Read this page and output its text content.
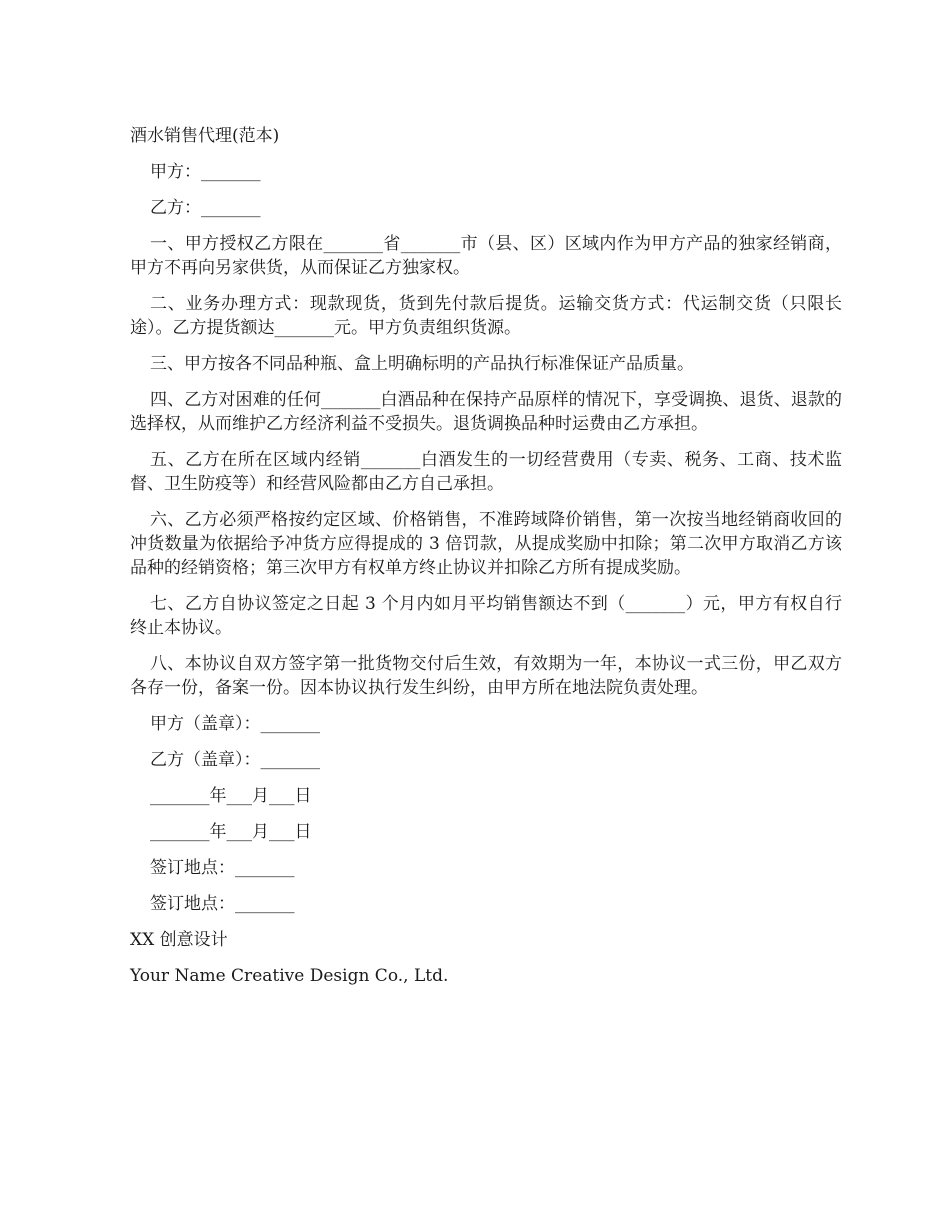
酒水销售代理(范本)
甲方：_______
乙方：_______
一、甲方授权乙方限在_______省_______市（县、区）区域内作为甲方产品的独家经销商，甲方不再向另家供货，从而保证乙方独家权。
二、业务办理方式：现款现货，货到先付款后提货。运输交货方式：代运制交货（只限长途）。乙方提货额达_______元。甲方负责组织货源。
三、甲方按各不同品种瓶、盒上明确标明的产品执行标准保证产品质量。
四、乙方对困难的任何_______白酒品种在保持产品原样的情况下，享受调换、退货、退款的选择权，从而维护乙方经济利益不受损失。退货调换品种时运费由乙方承担。
五、乙方在所在区域内经销_______白酒发生的一切经营费用（专卖、税务、工商、技术监督、卫生防疫等）和经营风险都由乙方自己承担。
六、乙方必须严格按约定区域、价格销售，不准跨域降价销售，第一次按当地经销商收回的冲货数量为依据给予冲货方应得提成的 3 倍罚款，从提成奖励中扣除；第二次甲方取消乙方该品种的经销资格；第三次甲方有权单方终止协议并扣除乙方所有提成奖励。
七、乙方自协议签定之日起 3 个月内如月平均销售额达不到（_______）元，甲方有权自行终止本协议。
八、本协议自双方签字第一批货物交付后生效，有效期为一年，本协议一式三份，甲乙双方各存一份，备案一份。因本协议执行发生纠纷，由甲方所在地法院负责处理。
甲方（盖章）：_______
乙方（盖章）：_______
_______年___月___日
_______年___月___日
签订地点：_______
签订地点：_______
XX 创意设计
Your Name Creative Design Co., Ltd.
